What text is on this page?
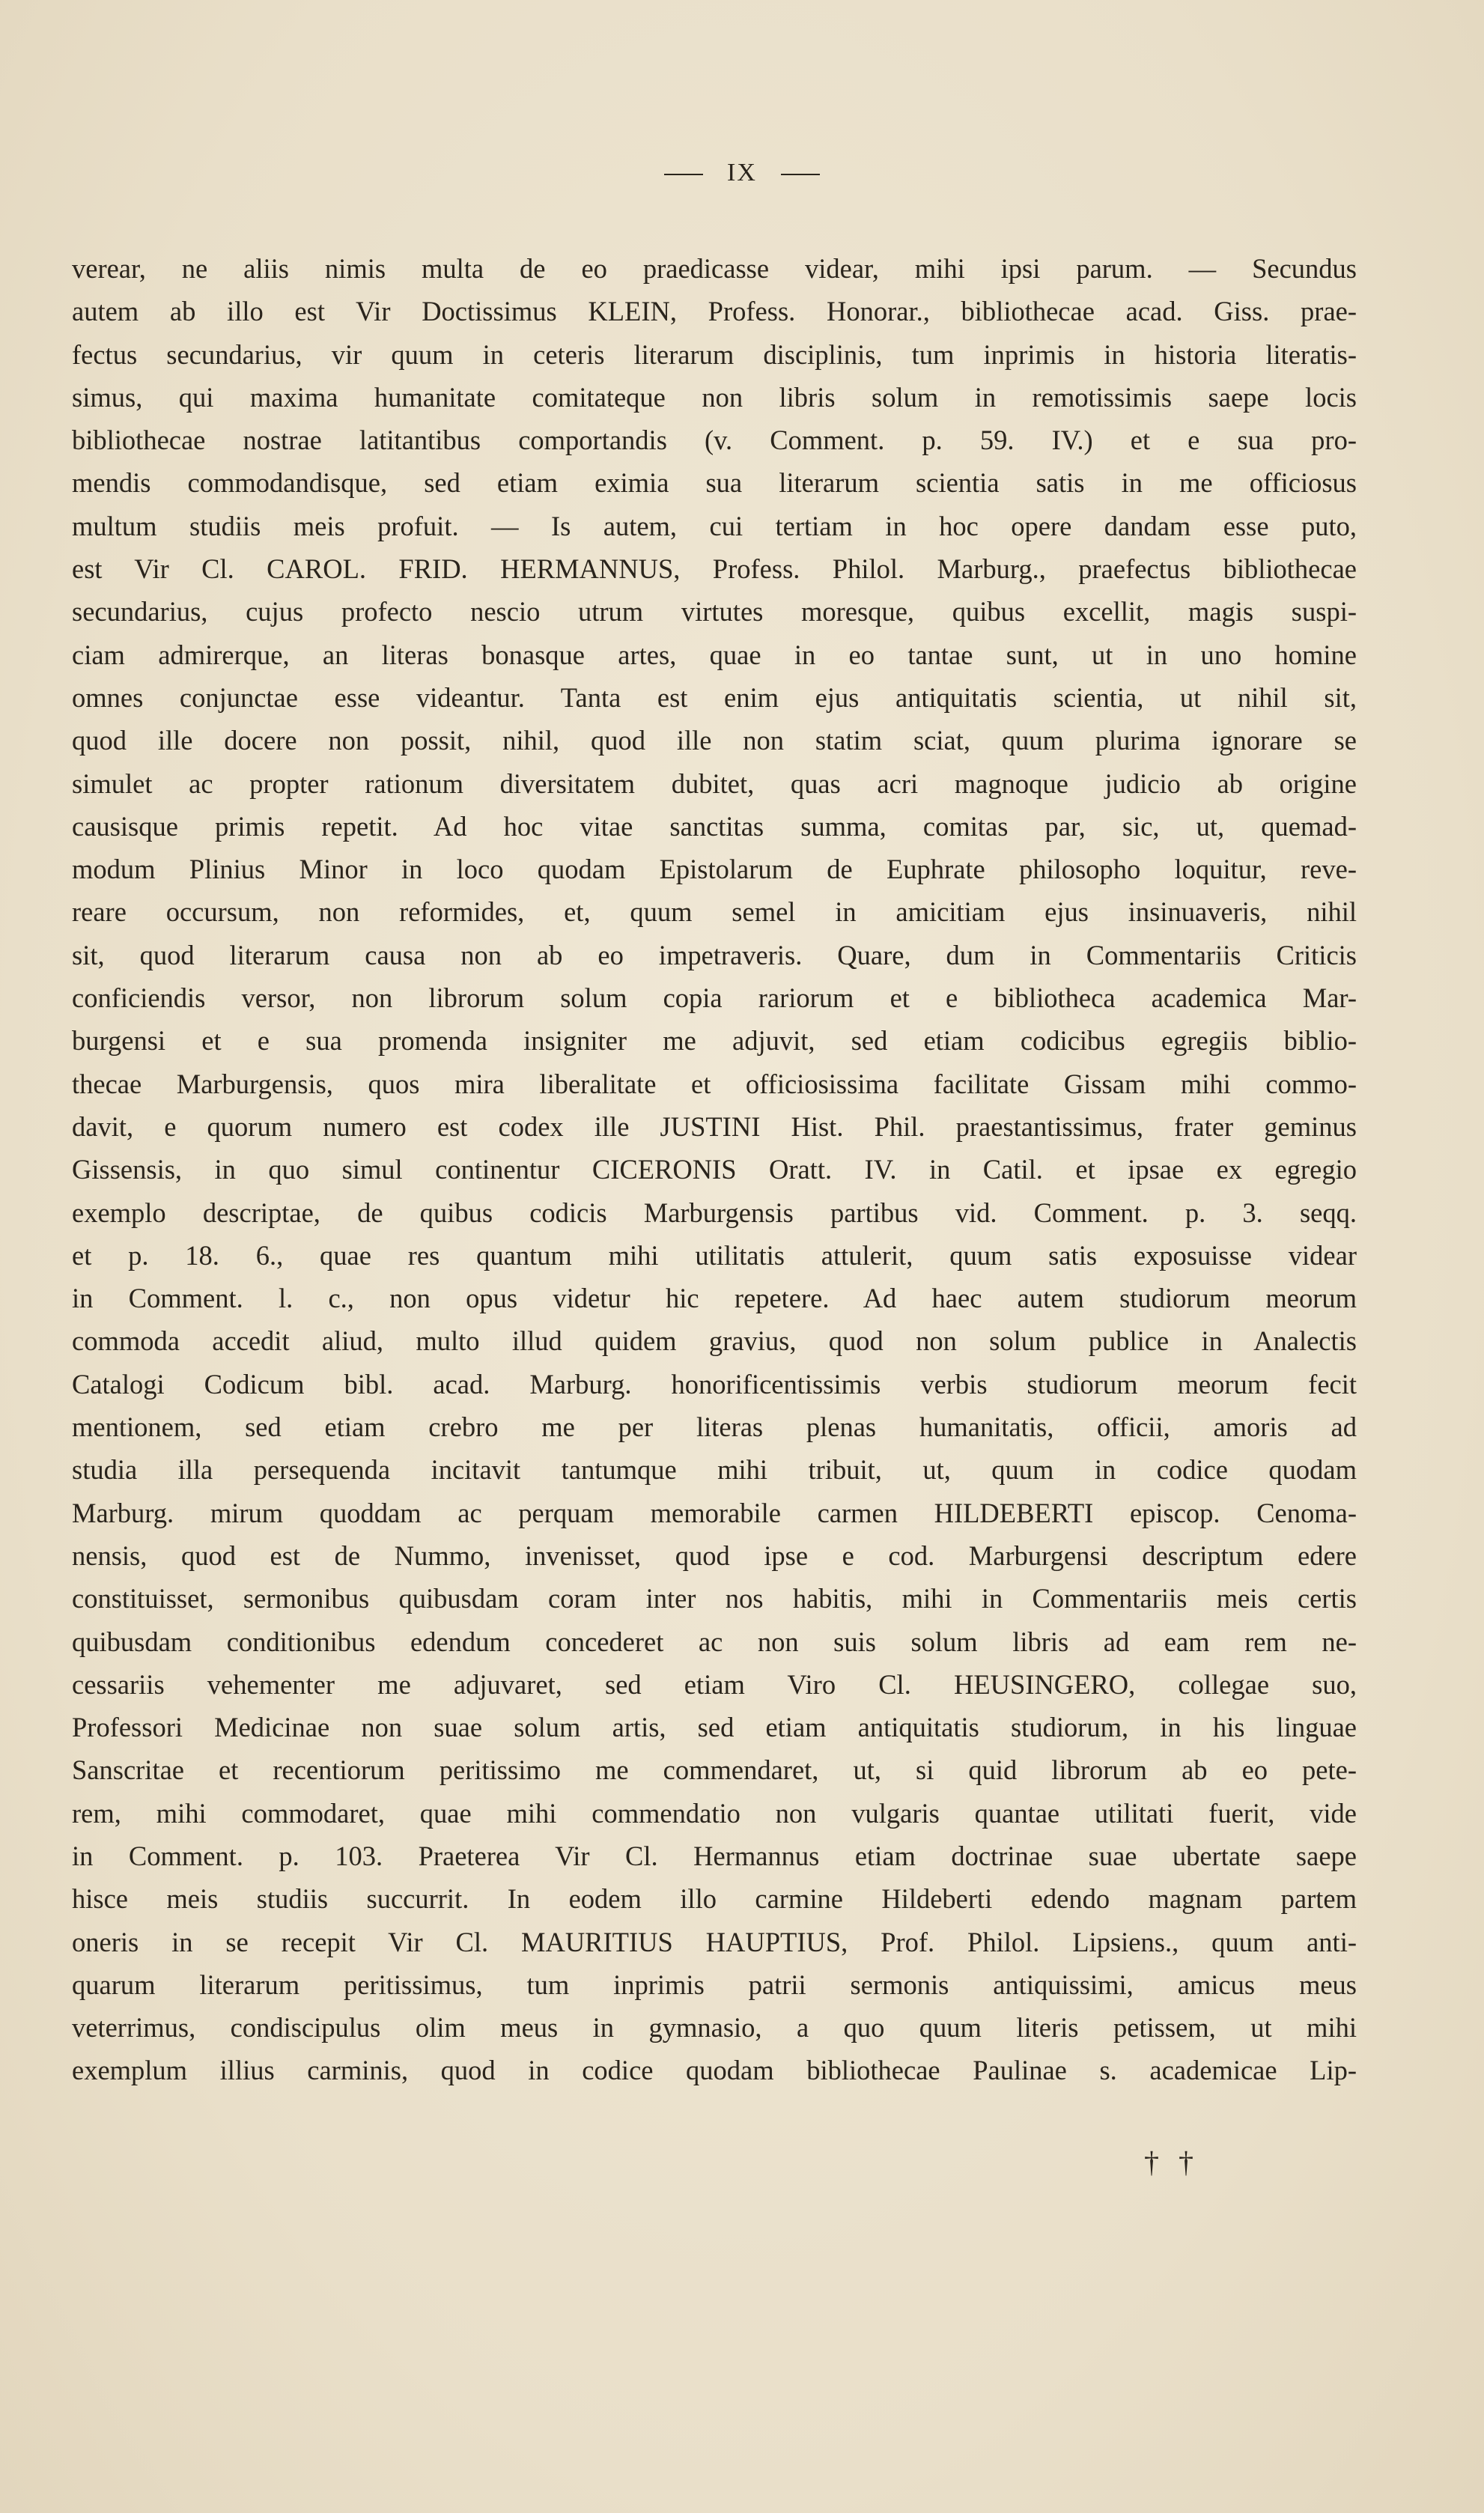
IX
verear, ne aliis nimis multa de eo praedicasse videar, mihi ipsi parum. — Secundus
autem ab illo est Vir Doctissimus KLEIN, Profess. Honorar., bibliothecae acad. Giss. prae-
fectus secundarius, vir quum in ceteris literarum disciplinis, tum inprimis in historia literatis-
simus, qui maxima humanitate comitateque non libris solum in remotissimis saepe locis
bibliothecae nostrae latitantibus comportandis (v. Comment. p. 59. IV.) et e sua pro-
mendis commodandisque, sed etiam eximia sua literarum scientia satis in me officiosus
multum studiis meis profuit. — Is autem, cui tertiam in hoc opere dandam esse puto,
est Vir Cl. CAROL. FRID. HERMANNUS, Profess. Philol. Marburg., praefectus bibliothecae
secundarius, cujus profecto nescio utrum virtutes moresque, quibus excellit, magis suspi-
ciam admirerque, an literas bonasque artes, quae in eo tantae sunt, ut in uno homine
omnes conjunctae esse videantur. Tanta est enim ejus antiquitatis scientia, ut nihil sit,
quod ille docere non possit, nihil, quod ille non statim sciat, quum plurima ignorare se
simulet ac propter rationum diversitatem dubitet, quas acri magnoque judicio ab origine
causisque primis repetit. Ad hoc vitae sanctitas summa, comitas par, sic, ut, quemad-
modum Plinius Minor in loco quodam Epistolarum de Euphrate philosopho loquitur, reve-
reare occursum, non reformides, et, quum semel in amicitiam ejus insinuaveris, nihil
sit, quod literarum causa non ab eo impetraveris. Quare, dum in Commentariis Criticis
conficiendis versor, non librorum solum copia rariorum et e bibliotheca academica Mar-
burgensi et e sua promenda insigniter me adjuvit, sed etiam codicibus egregiis biblio-
thecae Marburgensis, quos mira liberalitate et officiosissima facilitate Gissam mihi commo-
davit, e quorum numero est codex ille JUSTINI Hist. Phil. praestantissimus, frater geminus
Gissensis, in quo simul continentur CICERONIS Oratt. IV. in Catil. et ipsae ex egregio
exemplo descriptae, de quibus codicis Marburgensis partibus vid. Comment. p. 3. seqq.
et p. 18. 6., quae res quantum mihi utilitatis attulerit, quum satis exposuisse videar
in Comment. l. c., non opus videtur hic repetere. Ad haec autem studiorum meorum
commoda accedit aliud, multo illud quidem gravius, quod non solum publice in Analectis
Catalogi Codicum bibl. acad. Marburg. honorificentissimis verbis studiorum meorum fecit
mentionem, sed etiam crebro me per literas plenas humanitatis, officii, amoris ad
studia illa persequenda incitavit tantumque mihi tribuit, ut, quum in codice quodam
Marburg. mirum quoddam ac perquam memorabile carmen HILDEBERTI episcop. Cenoma-
nensis, quod est de Nummo, invenisset, quod ipse e cod. Marburgensi descriptum edere
constituisset, sermonibus quibusdam coram inter nos habitis, mihi in Commentariis meis certis
quibusdam conditionibus edendum concederet ac non suis solum libris ad eam rem ne-
cessariis vehementer me adjuvaret, sed etiam Viro Cl. HEUSINGERO, collegae suo,
Professori Medicinae non suae solum artis, sed etiam antiquitatis studiorum, in his linguae
Sanscritae et recentiorum peritissimo me commendaret, ut, si quid librorum ab eo pete-
rem, mihi commodaret, quae mihi commendatio non vulgaris quantae utilitati fuerit, vide
in Comment. p. 103. Praeterea Vir Cl. Hermannus etiam doctrinae suae ubertate saepe
hisce meis studiis succurrit. In eodem illo carmine Hildeberti edendo magnam partem
oneris in se recepit Vir Cl. MAURITIUS HAUPTIUS, Prof. Philol. Lipsiens., quum anti-
quarum literarum peritissimus, tum inprimis patrii sermonis antiquissimi, amicus meus
veterrimus, condiscipulus olim meus in gymnasio, a quo quum literis petissem, ut mihi
exemplum illius carminis, quod in codice quodam bibliothecae Paulinae s. academicae Lip-
† †
